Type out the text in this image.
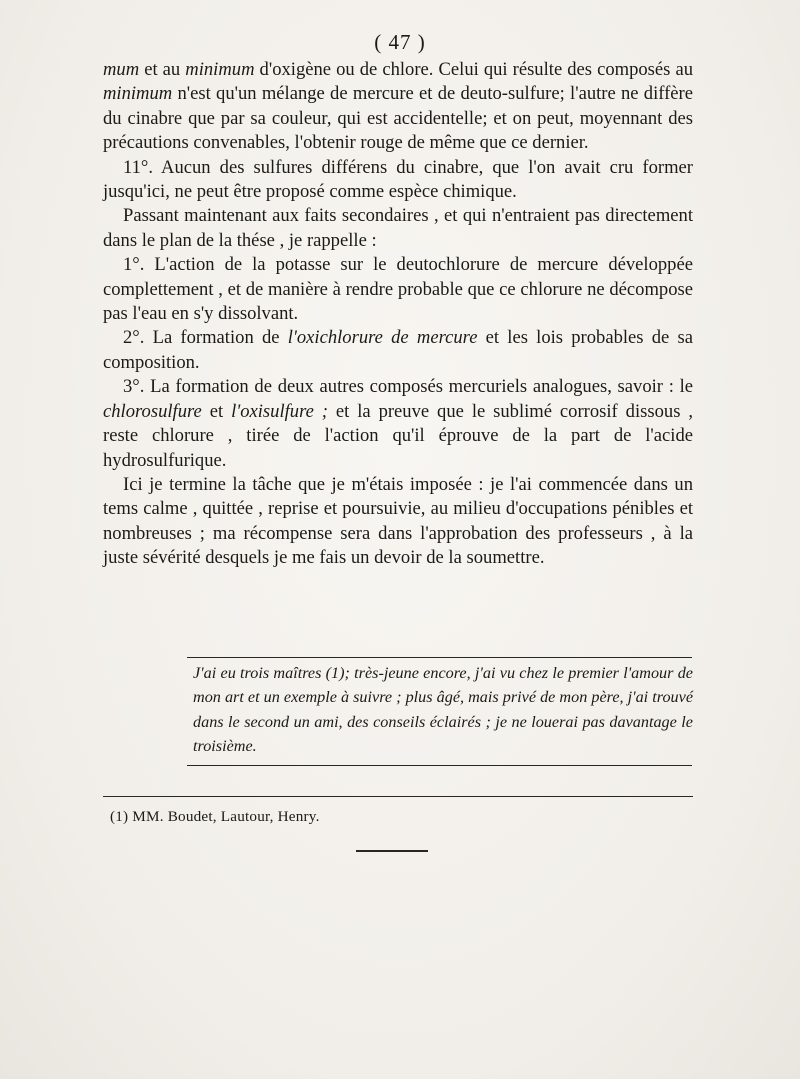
( 47 )

mum et au minimum d'oxigène ou de chlore. Celui qui résulte des composés au minimum n'est qu'un mélange de mercure et de deuto-sulfure; l'autre ne diffère du cinabre que par sa couleur, qui est accidentelle; et on peut, moyennant des précautions convenables, l'obtenir rouge de même que ce dernier.

11°. Aucun des sulfures différens du cinabre, que l'on avait cru former jusqu'ici, ne peut être proposé comme espèce chimique.

Passant maintenant aux faits secondaires , et qui n'entraient pas directement dans le plan de la thése , je rappelle :

1°. L'action de la potasse sur le deutochlorure de mercure développée complettement , et de manière à rendre probable que ce chlorure ne décompose pas l'eau en s'y dissolvant.

2°. La formation de l'oxichlorure de mercure et les lois probables de sa composition.

3°. La formation de deux autres composés mercuriels analogues, savoir : le chlorosulfure et l'oxisulfure ; et la preuve que le sublimé corrosif dissous , reste chlorure , tirée de l'action qu'il éprouve de la part de l'acide hydrosulfurique.

Ici je termine la tâche que je m'étais imposée : je l'ai commencée dans un tems calme , quittée , reprise et poursuivie, au milieu d'occupations pénibles et nombreuses ; ma récompense sera dans l'approbation des professeurs , à la juste sévérité desquels je me fais un devoir de la soumettre.

J'ai eu trois maîtres (1); très-jeune encore, j'ai vu chez le premier l'amour de mon art et un exemple à suivre ; plus âgé, mais privé de mon père, j'ai trouvé dans le second un ami, des conseils éclairés ; je ne louerai pas davantage le troisième.
(1) MM. Boudet, Lautour, Henry.
